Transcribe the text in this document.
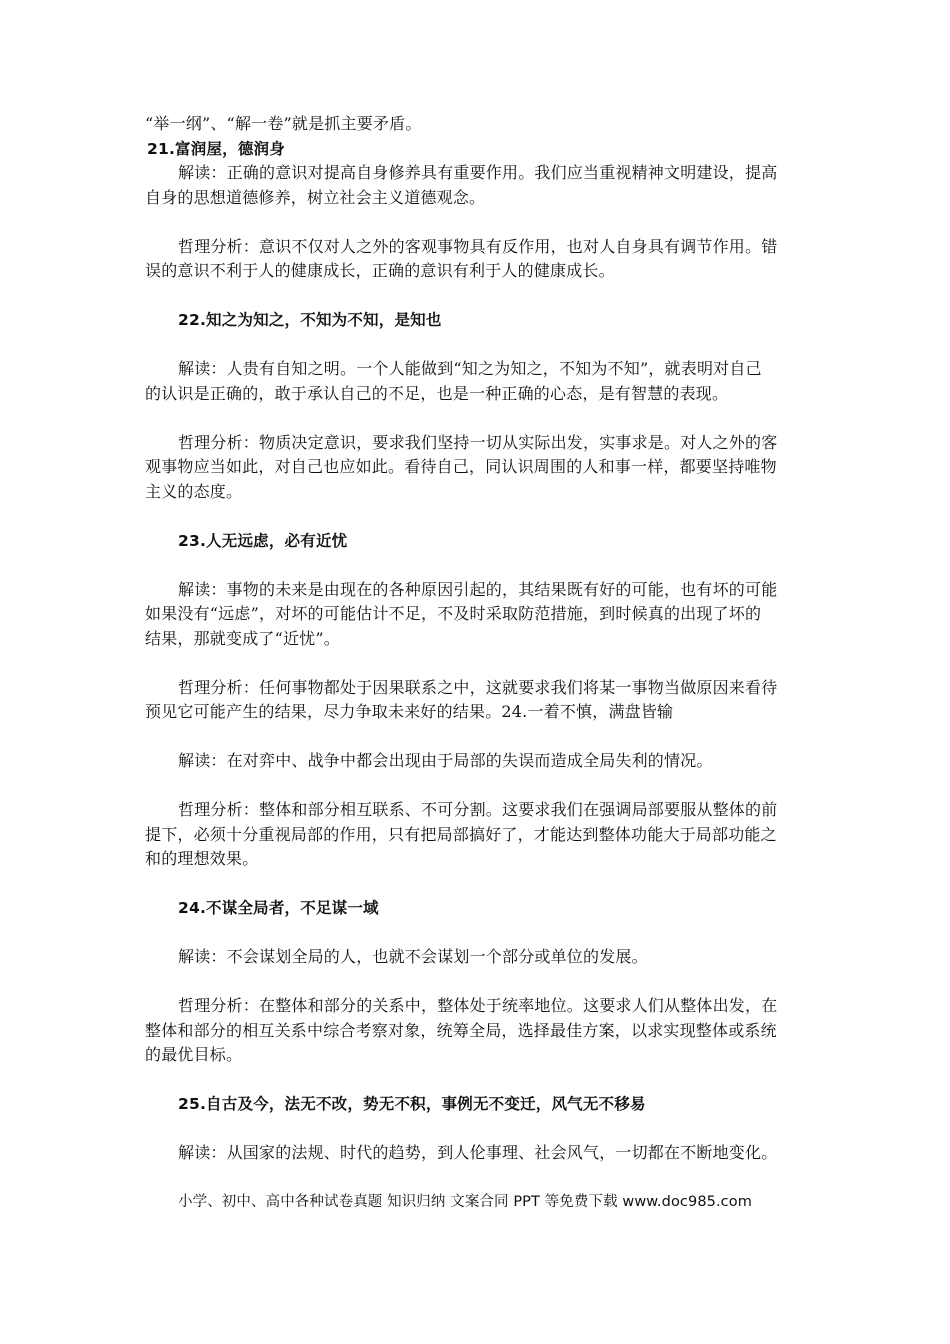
“举一纲”、“解一卷”就是抓主要矛盾。
21.富润屋，德润身
解读：正确的意识对提高自身修养具有重要作用。我们应当重视精神文明建设，提高
自身的思想道德修养，树立社会主义道德观念。
哲理分析：意识不仅对人之外的客观事物具有反作用，也对人自身具有调节作用。错
误的意识不利于人的健康成长，正确的意识有利于人的健康成长。
22.知之为知之，不知为不知，是知也
解读：人贵有自知之明。一个人能做到“知之为知之，不知为不知”，就表明对自己
的认识是正确的，敢于承认自己的不足，也是一种正确的心态，是有智慧的表现。
哲理分析：物质决定意识，要求我们坚持一切从实际出发，实事求是。对人之外的客
观事物应当如此，对自己也应如此。看待自己，同认识周围的人和事一样，都要坚持唯物
主义的态度。
23.人无远虑，必有近忧
解读：事物的未来是由现在的各种原因引起的，其结果既有好的可能，也有坏的可能
如果没有“远虑”，对坏的可能估计不足，不及时采取防范措施，到时候真的出现了坏的
结果，那就变成了“近忧”。
哲理分析：任何事物都处于因果联系之中，这就要求我们将某一事物当做原因来看待
预见它可能产生的结果，尽力争取未来好的结果。24.一着不慎，满盘皆输
解读：在对弈中、战争中都会出现由于局部的失误而造成全局失利的情况。
哲理分析：整体和部分相互联系、不可分割。这要求我们在强调局部要服从整体的前
提下，必须十分重视局部的作用，只有把局部搞好了，才能达到整体功能大于局部功能之
和的理想效果。
24.不谋全局者，不足谋一域
解读：不会谋划全局的人，也就不会谋划一个部分或单位的发展。
哲理分析：在整体和部分的关系中，整体处于统率地位。这要求人们从整体出发，在
整体和部分的相互关系中综合考察对象，统筹全局，选择最佳方案，以求实现整体或系统
的最优目标。
25.自古及今，法无不改，势无不积，事例无不变迁，风气无不移易
解读：从国家的法规、时代的趋势，到人伦事理、社会风气，一切都在不断地变化。
小学、初中、高中各种试卷真题 知识归纳 文案合同 PPT 等免费下载 www.doc985.com
